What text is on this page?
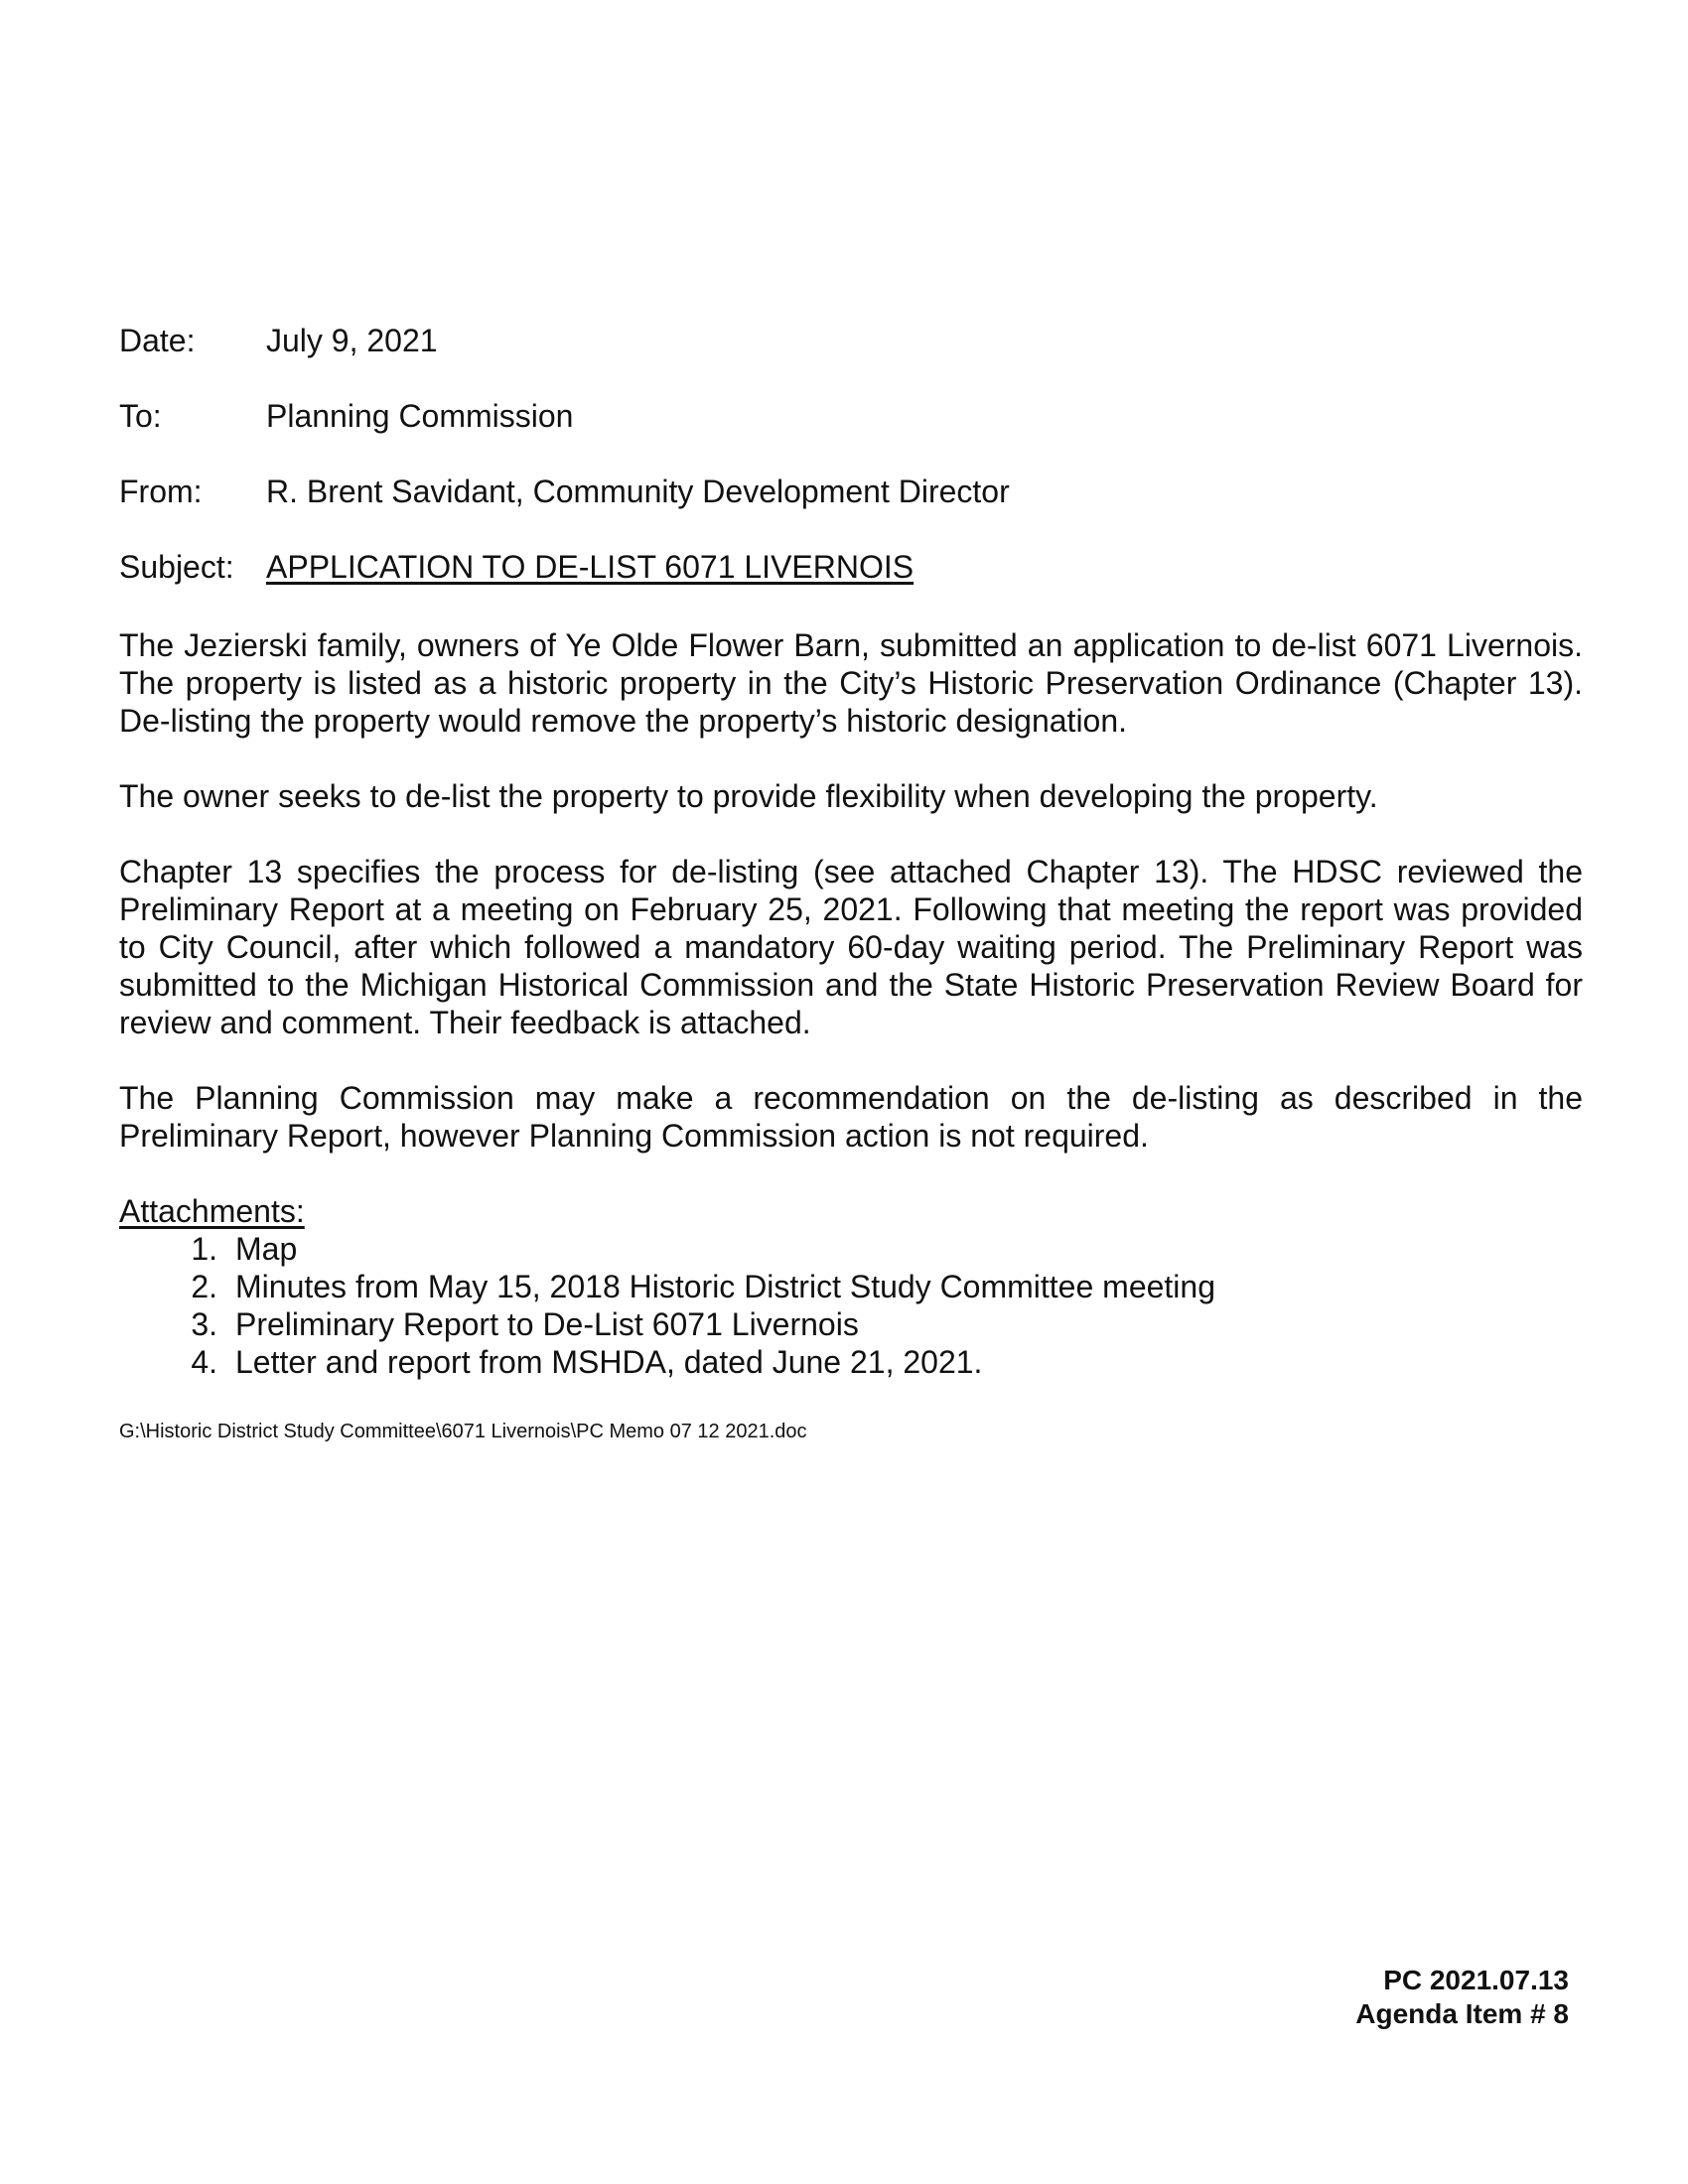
Date:	July 9, 2021
To:	Planning Commission
From:	R. Brent Savidant, Community Development Director
Subject:	APPLICATION TO DE-LIST 6071 LIVERNOIS

The Jezierski family, owners of Ye Olde Flower Barn, submitted an application to de-list 6071 Livernois. The property is listed as a historic property in the City’s Historic Preservation Ordinance (Chapter 13). De-listing the property would remove the property’s historic designation.

The owner seeks to de-list the property to provide flexibility when developing the property.

Chapter 13 specifies the process for de-listing (see attached Chapter 13). The HDSC reviewed the Preliminary Report at a meeting on February 25, 2021. Following that meeting the report was provided to City Council, after which followed a mandatory 60-day waiting period. The Preliminary Report was submitted to the Michigan Historical Commission and the State Historic Preservation Review Board for review and comment. Their feedback is attached.

The Planning Commission may make a recommendation on the de-listing as described in the Preliminary Report, however Planning Commission action is not required.

Attachments:
1. Map
2. Minutes from May 15, 2018 Historic District Study Committee meeting
3. Preliminary Report to De-List 6071 Livernois
4. Letter and report from MSHDA, dated June 21, 2021.
G:\Historic District Study Committee\6071 Livernois\PC Memo 07 12 2021.doc
PC 2021.07.13
Agenda Item # 8
